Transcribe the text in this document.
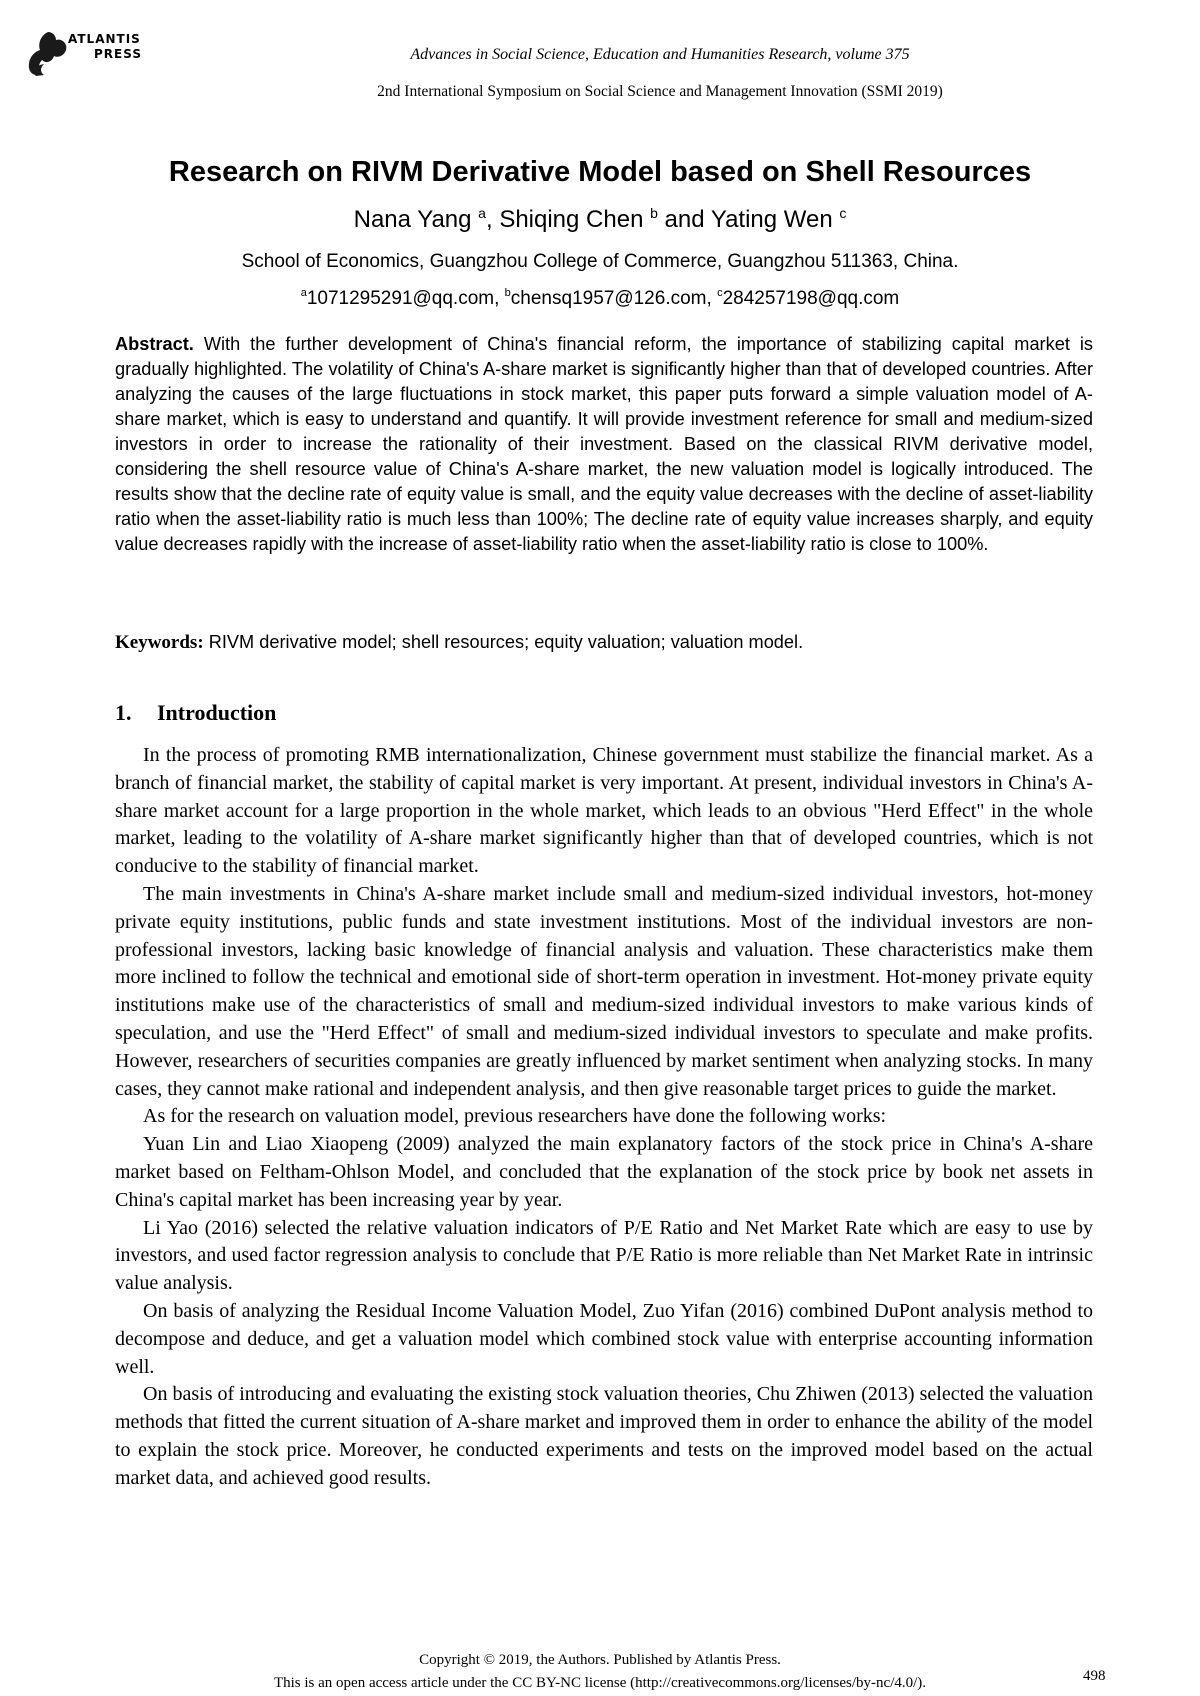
ATLANTIS
PRESS	Advances in Social Science, Education and Humanities Research, volume 375
2nd International Symposium on Social Science and Management Innovation (SSMI 2019)
Research on RIVM Derivative Model based on Shell Resources
Nana Yang $^a$, Shiqing Chen $^b$ and Yating Wen $^c$
School of Economics, Guangzhou College of Commerce, Guangzhou 511363, China.
$^a$1071295291@qq.com, $^b$chensq1957@126.com, $^c$284257198@qq.com
Abstract. With the further development of China's financial reform, the importance of stabilizing capital market is gradually highlighted. The volatility of China's A-share market is significantly higher than that of developed countries. After analyzing the causes of the large fluctuations in stock market, this paper puts forward a simple valuation model of A-share market, which is easy to understand and quantify. It will provide investment reference for small and medium-sized investors in order to increase the rationality of their investment. Based on the classical RIVM derivative model, considering the shell resource value of China's A-share market, the new valuation model is logically introduced. The results show that the decline rate of equity value is small, and the equity value decreases with the decline of asset-liability ratio when the asset-liability ratio is much less than 100%; The decline rate of equity value increases sharply, and equity value decreases rapidly with the increase of asset-liability ratio when the asset-liability ratio is close to 100%.
Keywords: RIVM derivative model; shell resources; equity valuation; valuation model.
1. Introduction

In the process of promoting RMB internationalization, Chinese government must stabilize the financial market. As a branch of financial market, the stability of capital market is very important. At present, individual investors in China's A-share market account for a large proportion in the whole market, which leads to an obvious "Herd Effect" in the whole market, leading to the volatility of A-share market significantly higher than that of developed countries, which is not conducive to the stability of financial market.

The main investments in China's A-share market include small and medium-sized individual investors, hot-money private equity institutions, public funds and state investment institutions. Most of the individual investors are non-professional investors, lacking basic knowledge of financial analysis and valuation. These characteristics make them more inclined to follow the technical and emotional side of short-term operation in investment. Hot-money private equity institutions make use of the characteristics of small and medium-sized individual investors to make various kinds of speculation, and use the "Herd Effect" of small and medium-sized individual investors to speculate and make profits. However, researchers of securities companies are greatly influenced by market sentiment when analyzing stocks. In many cases, they cannot make rational and independent analysis, and then give reasonable target prices to guide the market.

As for the research on valuation model, previous researchers have done the following works:

Yuan Lin and Liao Xiaopeng (2009) analyzed the main explanatory factors of the stock price in China's A-share market based on Feltham-Ohlson Model, and concluded that the explanation of the stock price by book net assets in China's capital market has been increasing year by year.

Li Yao (2016) selected the relative valuation indicators of P/E Ratio and Net Market Rate which are easy to use by investors, and used factor regression analysis to conclude that P/E Ratio is more reliable than Net Market Rate in intrinsic value analysis.

On basis of analyzing the Residual Income Valuation Model, Zuo Yifan (2016) combined DuPont analysis method to decompose and deduce, and get a valuation model which combined stock value with enterprise accounting information well.

On basis of introducing and evaluating the existing stock valuation theories, Chu Zhiwen (2013) selected the valuation methods that fitted the current situation of A-share market and improved them in order to enhance the ability of the model to explain the stock price. Moreover, he conducted experiments and tests on the improved model based on the actual market data, and achieved good results.

Copyright © 2019, the Authors. Published by Atlantis Press.
This is an open access article under the CC BY-NC license (http://creativecommons.org/licenses/by-nc/4.0/).	498
